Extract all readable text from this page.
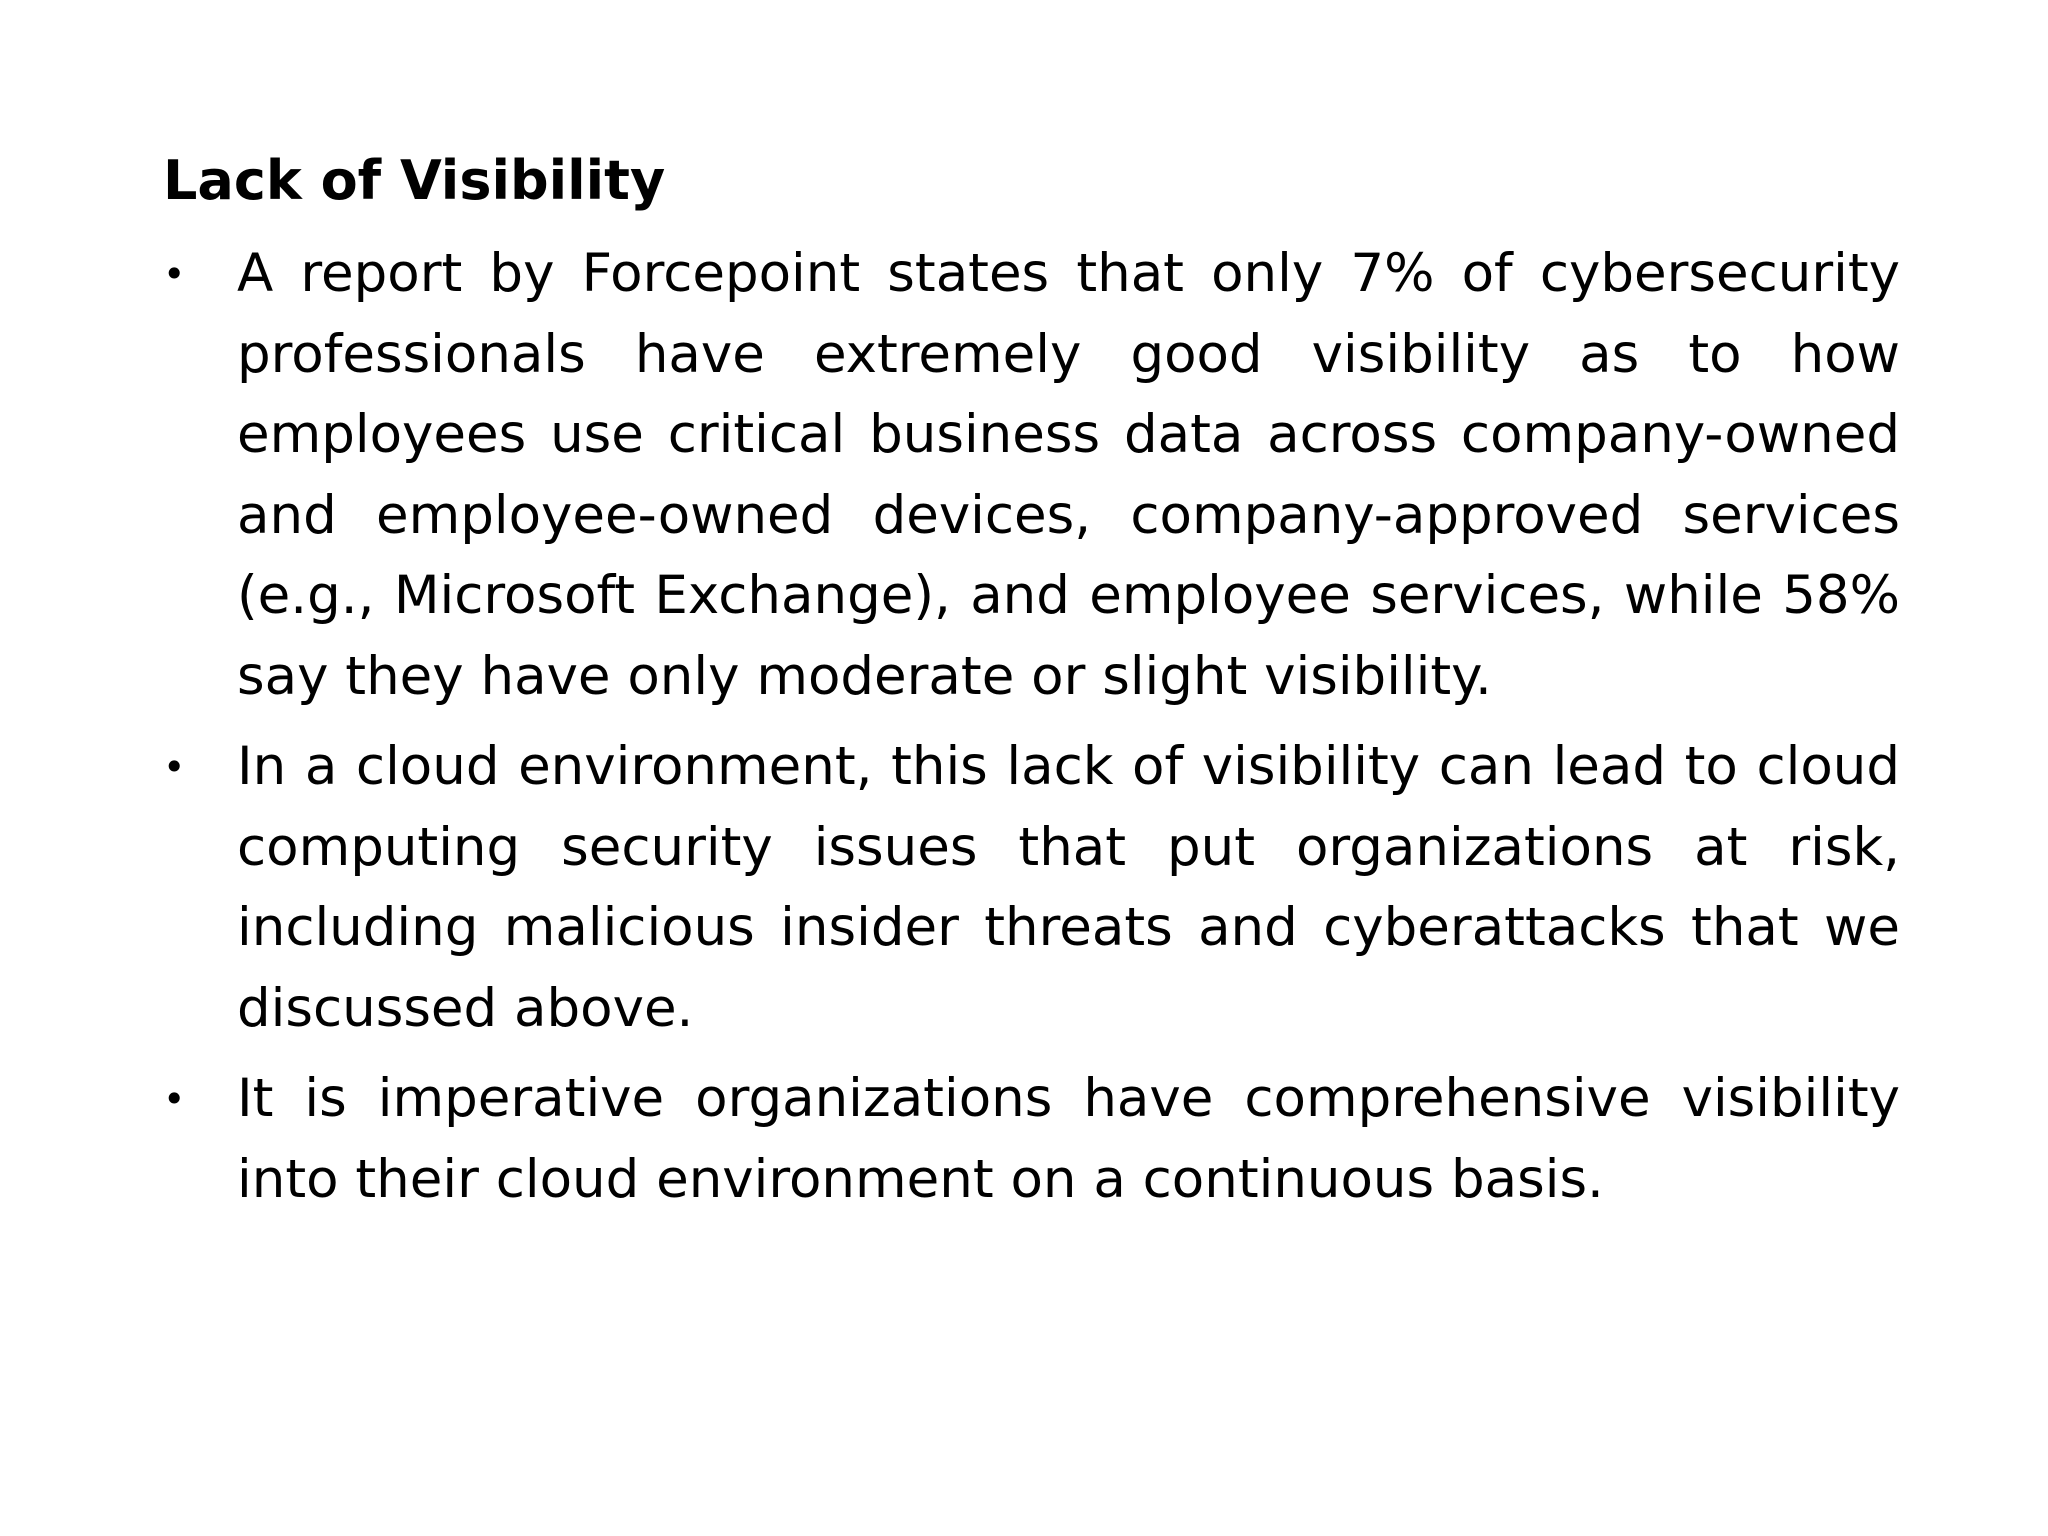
Lack of Visibility
• A report by Forcepoint states that only 7% of cybersecurity professionals have extremely good visibility as to how employees use critical business data across company-owned and employee-owned devices, company-approved services (e.g., Microsoft Exchange), and employee services, while 58% say they have only moderate or slight visibility.
• In a cloud environment, this lack of visibility can lead to cloud computing security issues that put organizations at risk, including malicious insider threats and cyberattacks that we discussed above.
• It is imperative organizations have comprehensive visibility into their cloud environment on a continuous basis.
